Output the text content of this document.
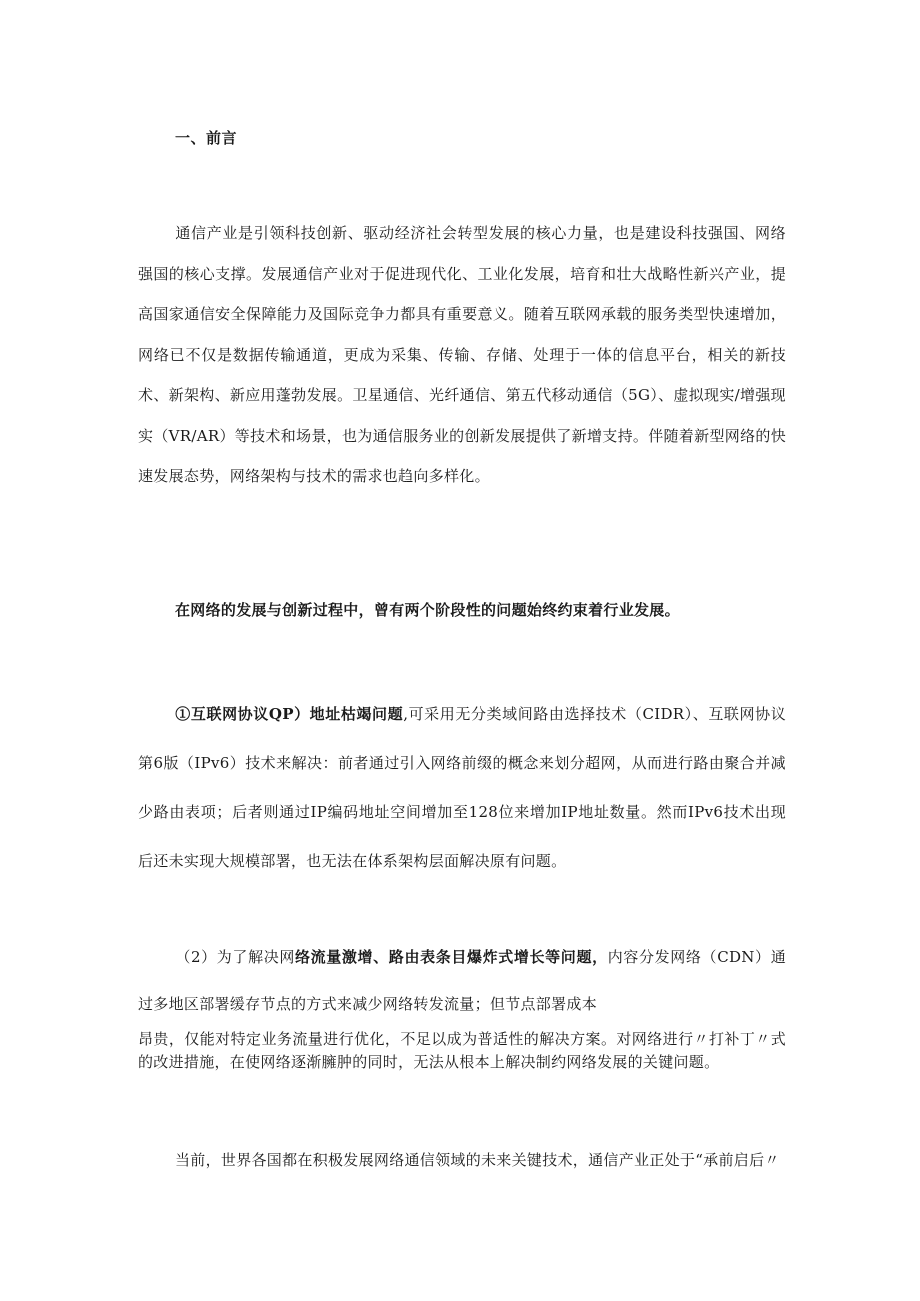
一、前言
通信产业是引领科技创新、驱动经济社会转型发展的核心力量，也是建设科技强国、网络强国的核心支撑。发展通信产业对于促进现代化、工业化发展，培育和壮大战略性新兴产业，提高国家通信安全保障能力及国际竞争力都具有重要意义。随着互联网承载的服务类型快速增加，网络已不仅是数据传输通道，更成为采集、传输、存储、处理于一体的信息平台，相关的新技术、新架构、新应用蓬勃发展。卫星通信、光纤通信、第五代移动通信（5G）、虚拟现实/增强现实（VR/AR）等技术和场景，也为通信服务业的创新发展提供了新增支持。伴随着新型网络的快速发展态势，网络架构与技术的需求也趋向多样化。
在网络的发展与创新过程中，曾有两个阶段性的问题始终约束着行业发展。
①互联网协议QP）地址枯竭问题,可采用无分类域间路由选择技术（CIDR）、互联网协议第6版（IPv6）技术来解决：前者通过引入网络前缀的概念来划分超网，从而进行路由聚合并减少路由表项；后者则通过IP编码地址空间增加至128位来增加IP地址数量。然而IPv6技术出现后还未实现大规模部署，也无法在体系架构层面解决原有问题。
（2）为了解决网络流量激增、路由表条目爆炸式增长等问题，内容分发网络（CDN）通过多地区部署缓存节点的方式来减少网络转发流量；但节点部署成本
昂贵，仅能对特定业务流量进行优化，不足以成为普适性的解决方案。对网络进行〃打补丁〃式的改进措施，在使网络逐渐臃肿的同时，无法从根本上解决制约网络发展的关键问题。
当前，世界各国都在积极发展网络通信领域的未来关键技术，通信产业正处于“承前启后〃
